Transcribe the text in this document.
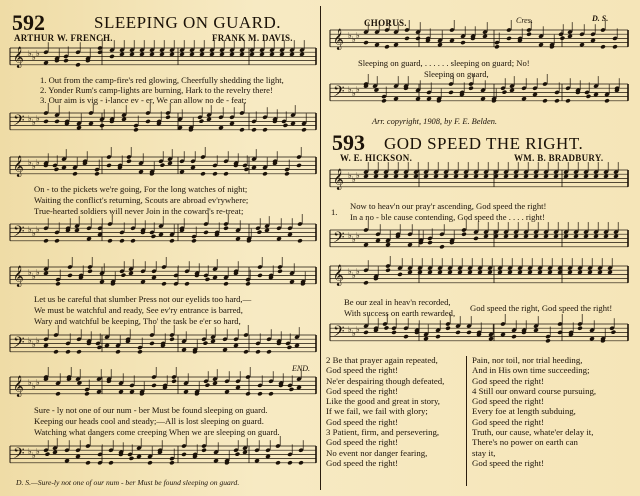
592	SLEEPING ON GUARD.
ARTHUR W. FRENCH.	FRANK M. DAVIS.
𝄞 ♭ ♭ ♭
1. Out from the camp-fire's red glowing, Cheerfully shedding the light,
2. Yonder Rum's camp-lights are burning, Hark to the revelry there!
3. Our aim is vig - i-lance ev - er, We can allow no de - feat;
𝄢 ♭ ♭ ♭
𝄞 ♭ ♭ ♭
On - to the pickets we're going, For the long watches of night;
Waiting the conflict's returning, Scouts are abroad ev'rywhere;
True-hearted soldiers will never Join in the coward's re-treat;
𝄢 ♭ ♭ ♭
𝄞 ♭ ♭ ♭
Let us be careful that slumber Press not our eyelids too hard,—
We must be watchful and ready, See ev'ry entrance is barred,
Wary and watchful be keeping, Tho' the task be e'er so hard,
𝄢 ♭ ♭ ♭
END.
𝄞 ♭ ♭ ♭
Sure - ly not one of our num - ber Must be found sleeping on guard.
Keeping our heads cool and steady;—All is lost sleeping on guard.
Watching what dangers come creeping When we are sleeping on guard.
𝄢 ♭ ♭ ♭
D. S.—Sure-ly not one of our num - ber Must be found sleeping on guard.
CHORUS.	Cres.	D. S.
𝄞 ♭ ♭ ♭
Sleeping on guard, . . . . . . sleeping on guard; No!
Sleeping on guard,
𝄢 ♭ ♭ ♭
Arr. copyright, 1908, by F. E. Belden.
593 GOD SPEED THE RIGHT.
W. E. HICKSON.	WM. B. BRADBURY.
𝄞 ♭ ♭ ♭
1.
Now to heav'n our pray'r ascending, God speed the right!
In a no - ble cause contending, God speed the . . . . right!
𝄢 ♭ ♭ ♭
𝄞 ♭ ♭ ♭
Be our zeal in heav'n recorded,
With success on earth rewarded, God speed the right, God speed the right!
𝄢 ♭ ♭ ♭
2 Be that prayer again repeated,
God speed the right!
Ne'er despairing though defeated,
God speed the right!
Like the good and great in story,
If we fail, we fail with glory;
God speed the right!
3 Patient, firm, and persevering,
God speed the right!
No event nor danger fearing,
God speed the right!
Pain, nor toil, nor trial heeding,
And in His own time succeeding;
God speed the right!
4 Still our onward course pursuing,
God speed the right!
Every foe at length subduing,
God speed the right!
Truth, our cause, whate'er delay it,
There's no power on earth can
stay it,
God speed the right!
